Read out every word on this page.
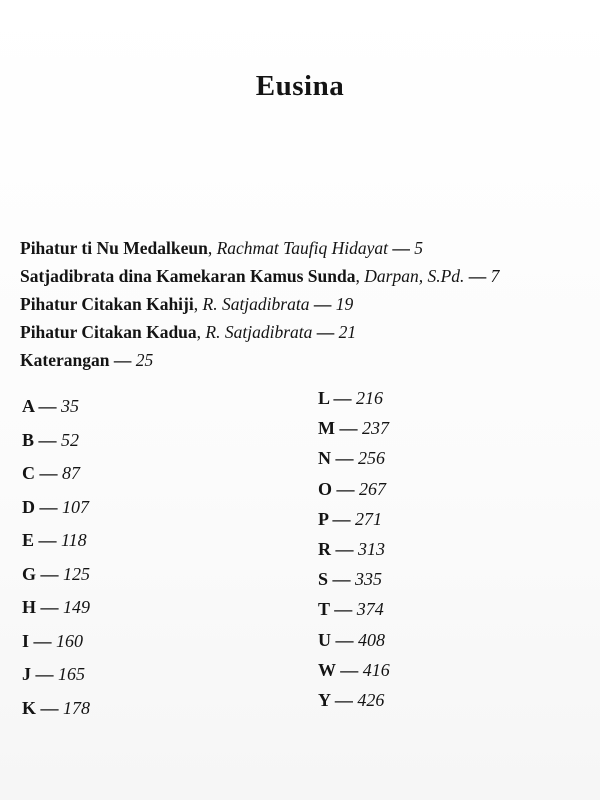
Eusina
Pihatur ti Nu Medalkeun, Rachmat Taufiq Hidayat — 5
Satjadibrata dina Kamekaran Kamus Sunda, Darpan, S.Pd. — 7
Pihatur Citakan Kahiji, R. Satjadibrata — 19
Pihatur Citakan Kadua, R. Satjadibrata — 21
Katerangan — 25
A — 35
B — 52
C — 87
D — 107
E — 118
G — 125
H — 149
I — 160
J — 165
K — 178
L — 216
M — 237
N — 256
O — 267
P — 271
R — 313
S — 335
T — 374
U — 408
W — 416
Y — 426
